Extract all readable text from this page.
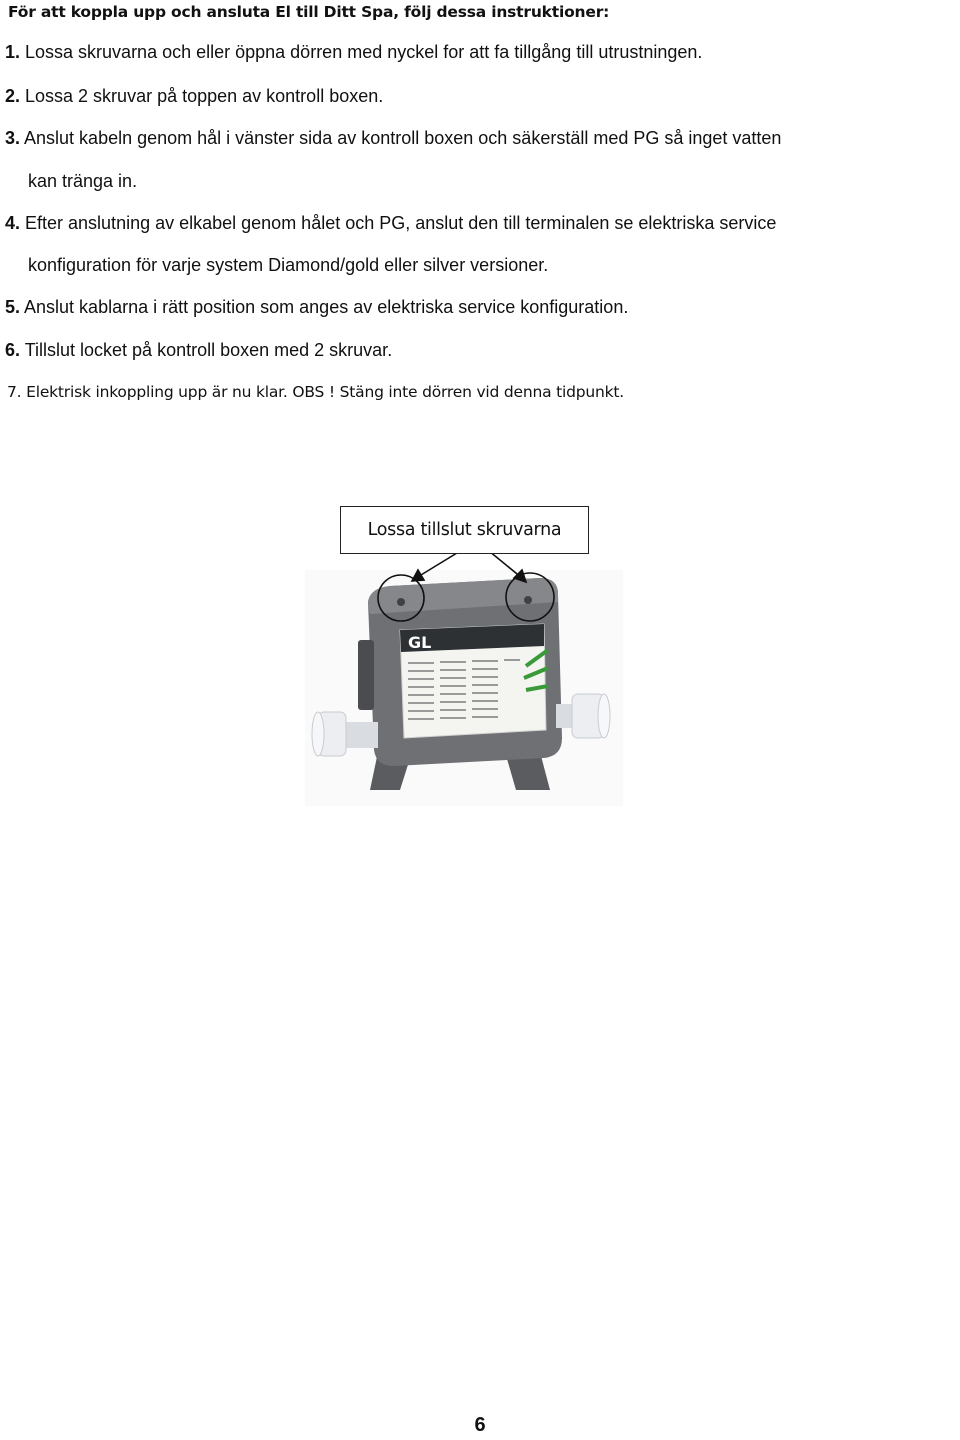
För att koppla upp och ansluta El till Ditt Spa, följ dessa instruktioner:
1. Lossa skruvarna och eller öppna dörren med nyckel for att fa tillgång till utrustningen.
2. Lossa 2 skruvar på toppen av kontroll boxen.
3. Anslut kabeln genom hål i vänster sida av kontroll boxen och säkerställ med PG så inget vatten
kan tränga in.
4. Efter anslutning av elkabel genom hålet och PG, anslut den till terminalen se elektriska service
konfiguration för varje system Diamond/gold eller silver versioner.
5. Anslut kablarna i rätt position som anges av elektriska service konfiguration.
6. Tillslut locket på kontroll boxen med 2 skruvar.
7. Elektrisk inkoppling upp är nu klar. OBS ! Stäng inte dörren vid denna tidpunkt.
GL
Lossa tillslut skruvarna
6
